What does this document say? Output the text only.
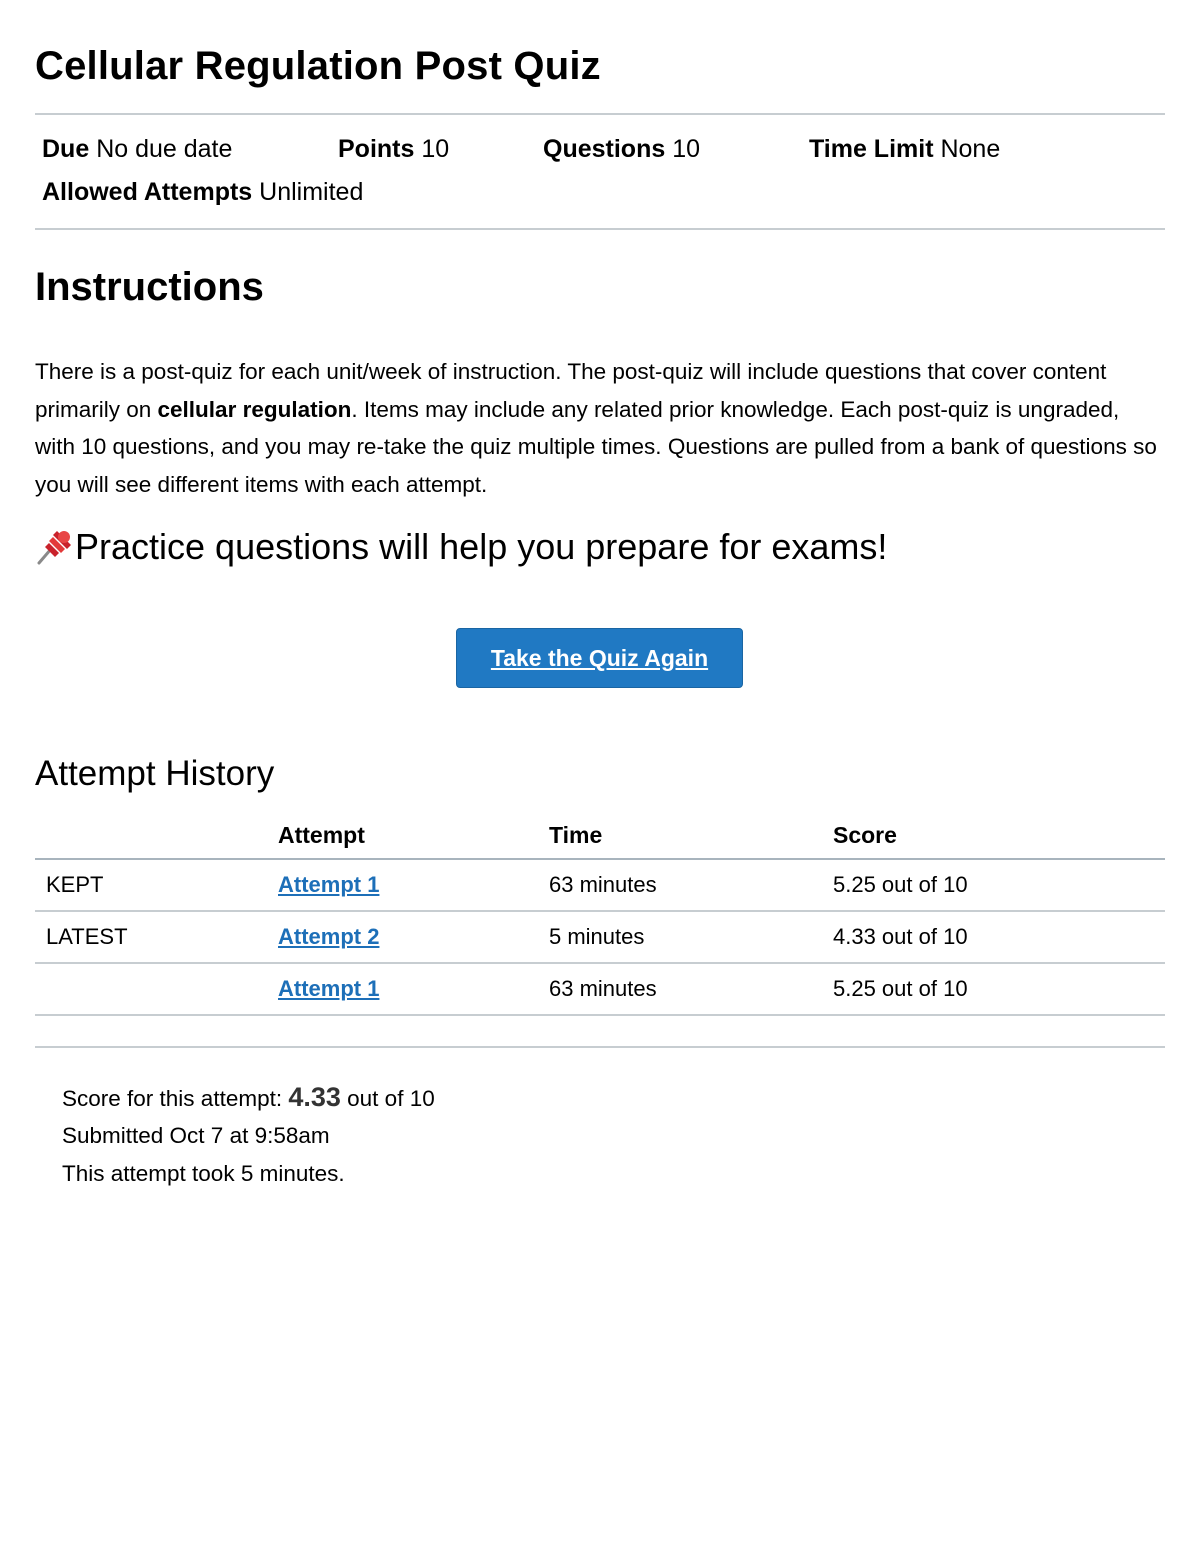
Cellular Regulation Post Quiz
Due No due date	Points 10	Questions 10	Time Limit None
Allowed Attempts Unlimited
Instructions

There is a post-quiz for each unit/week of instruction. The post-quiz will include questions that cover content primarily on cellular regulation. Items may include any related prior knowledge. Each post-quiz is ungraded, with 10 questions, and you may re-take the quiz multiple times. Questions are pulled from a bank of questions so you will see different items with each attempt.

Practice questions will help you prepare for exams!
Take the Quiz Again
Attempt History
	Attempt	Time	Score
KEPT	Attempt 1	63 minutes	5.25 out of 10
LATEST	Attempt 2	5 minutes	4.33 out of 10
	Attempt 1	63 minutes	5.25 out of 10
Score for this attempt: 4.33 out of 10
Submitted Oct 7 at 9:58am
This attempt took 5 minutes.
